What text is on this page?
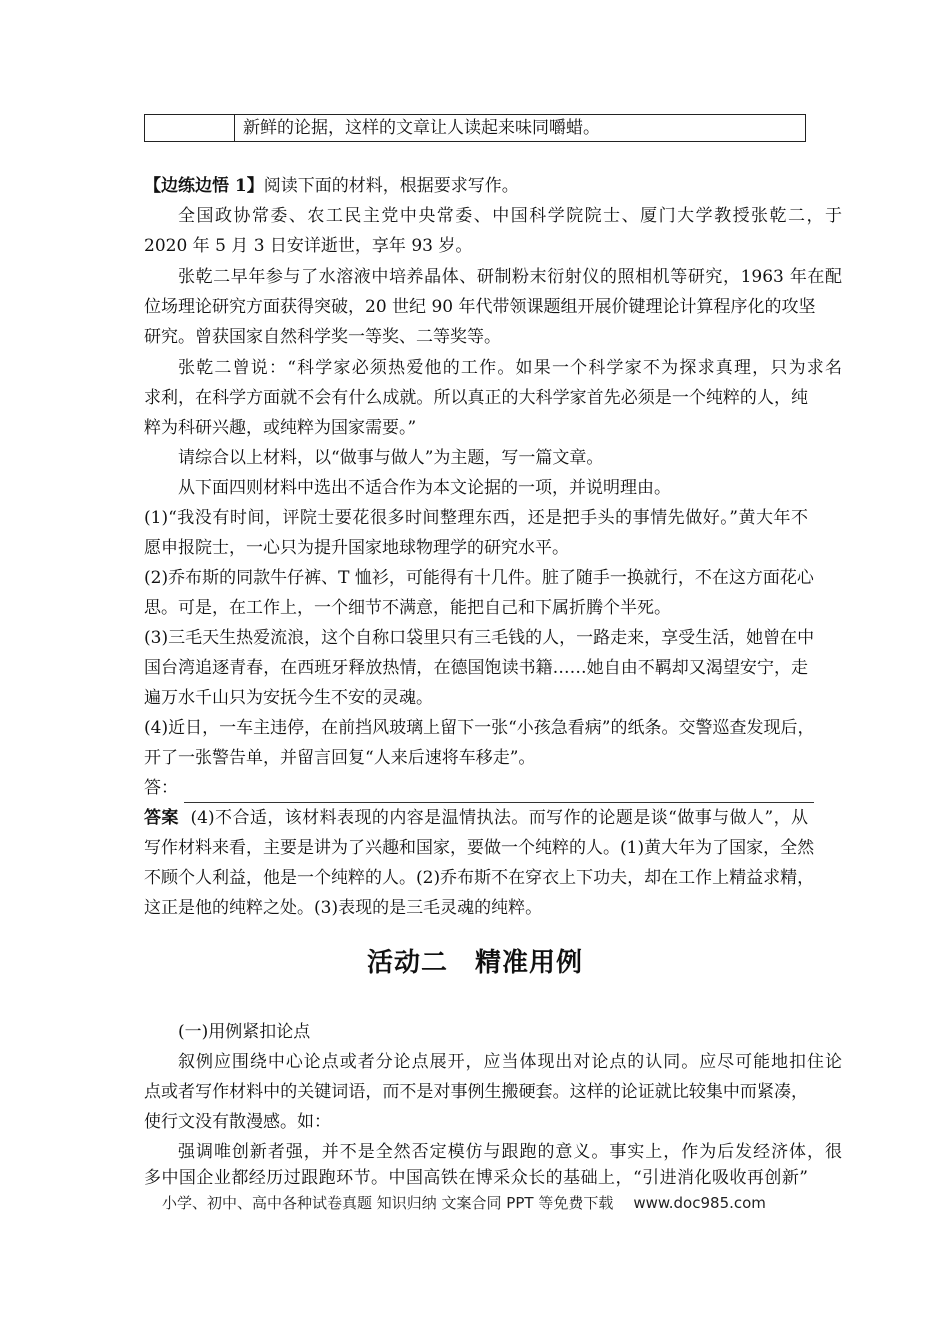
新鲜的论据，这样的文章让人读起来味同嚼蜡。
【边练边悟 1】阅读下面的材料，根据要求写作。
全国政协常委、农工民主党中央常委、中国科学院院士、厦门大学教授张乾二，于
2020 年 5 月 3 日安详逝世，享年 93 岁。
张乾二早年参与了水溶液中培养晶体、研制粉末衍射仪的照相机等研究，1963 年在配
位场理论研究方面获得突破，20 世纪 90 年代带领课题组开展价键理论计算程序化的攻坚
研究。曾获国家自然科学奖一等奖、二等奖等。
张乾二曾说：“科学家必须热爱他的工作。如果一个科学家不为探求真理，只为求名
求利，在科学方面就不会有什么成就。所以真正的大科学家首先必须是一个纯粹的人，纯
粹为科研兴趣，或纯粹为国家需要。”
请综合以上材料，以“做事与做人”为主题，写一篇文章。
从下面四则材料中选出不适合作为本文论据的一项，并说明理由。
(1)“我没有时间，评院士要花很多时间整理东西，还是把手头的事情先做好。”黄大年不
愿申报院士，一心只为提升国家地球物理学的研究水平。
(2)乔布斯的同款牛仔裤、T 恤衫，可能得有十几件。脏了随手一换就行，不在这方面花心
思。可是，在工作上，一个细节不满意，能把自己和下属折腾个半死。
(3)三毛天生热爱流浪，这个自称口袋里只有三毛钱的人，一路走来，享受生活，她曾在中
国台湾追逐青春，在西班牙释放热情，在德国饱读书籍……她自由不羁却又渴望安宁，走
遍万水千山只为安抚今生不安的灵魂。
(4)近日，一车主违停，在前挡风玻璃上留下一张“小孩急看病”的纸条。交警巡查发现后，
开了一张警告单，并留言回复“人来后速将车移走”。
答：
答案 (4)不合适，该材料表现的内容是温情执法。而写作的论题是谈“做事与做人”，从
写作材料来看，主要是讲为了兴趣和国家，要做一个纯粹的人。(1)黄大年为了国家，全然
不顾个人利益，他是一个纯粹的人。(2)乔布斯不在穿衣上下功夫，却在工作上精益求精，
这正是他的纯粹之处。(3)表现的是三毛灵魂的纯粹。
活动二　精准用例
(一)用例紧扣论点
叙例应围绕中心论点或者分论点展开，应当体现出对论点的认同。应尽可能地扣住论
点或者写作材料中的关键词语，而不是对事例生搬硬套。这样的论证就比较集中而紧凑，
使行文没有散漫感。如：
强调唯创新者强，并不是全然否定模仿与跟跑的意义。事实上，作为后发经济体，很
多中国企业都经历过跟跑环节。中国高铁在博采众长的基础上，“引进消化吸收再创新”
小学、初中、高中各种试卷真题 知识归纳 文案合同 PPT 等免费下载 www.doc985.com
